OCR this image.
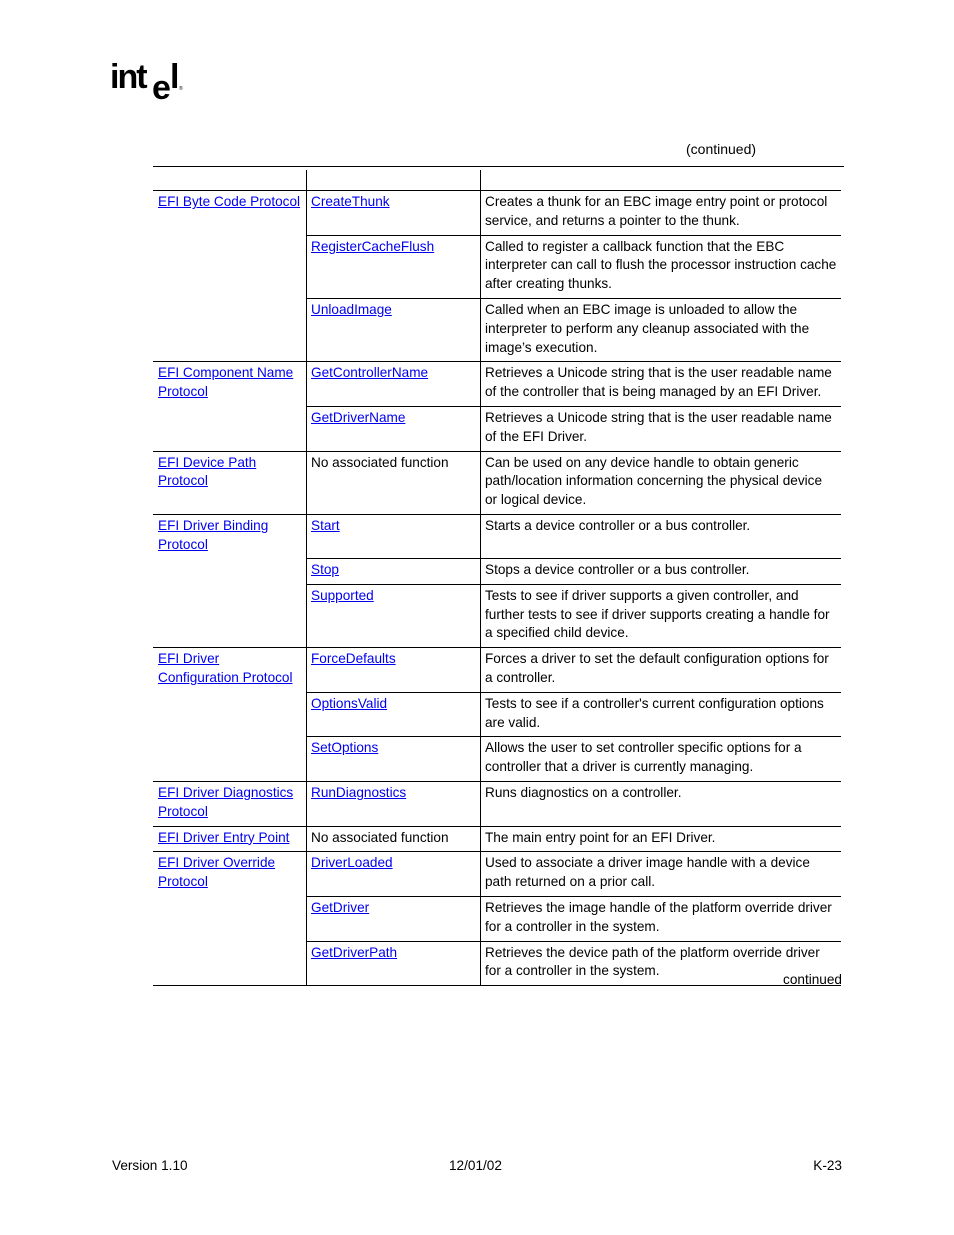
int e l ®
(continued)

EFI Byte Code Protocol	CreateThunk	Creates a thunk for an EBC image entry point or protocol service, and returns a pointer to the thunk.
	RegisterCacheFlush	Called to register a callback function that the EBC interpreter can call to flush the processor instruction cache after creating thunks.
	UnloadImage	Called when an EBC image is unloaded to allow the interpreter to perform any cleanup associated with the image’s execution.
EFI Component Name Protocol	GetControllerName	Retrieves a Unicode string that is the user readable name of the controller that is being managed by an EFI Driver.
	GetDriverName	Retrieves a Unicode string that is the user readable name of the EFI Driver.
EFI Device Path Protocol	No associated function	Can be used on any device handle to obtain generic path/location information concerning the physical device or logical device.
EFI Driver Binding Protocol	Start	Starts a device controller or a bus controller.
	Stop	Stops a device controller or a bus controller.
	Supported	Tests to see if driver supports a given controller, and further tests to see if driver supports creating a handle for a specified child device.
EFI Driver Configuration Protocol	ForceDefaults	Forces a driver to set the default configuration options for a controller.
	OptionsValid	Tests to see if a controller's current configuration options are valid.
	SetOptions	Allows the user to set controller specific options for a controller that a driver is currently managing.
EFI Driver Diagnostics Protocol	RunDiagnostics	Runs diagnostics on a controller.
EFI Driver Entry Point	No associated function	The main entry point for an EFI Driver.
EFI Driver Override Protocol	DriverLoaded	Used to associate a driver image handle with a device path returned on a prior call.
	GetDriver	Retrieves the image handle of the platform override driver for a controller in the system.
	GetDriverPath	Retrieves the device path of the platform override driver for a controller in the system.
continued
Version 1.10	12/01/02	K-23
